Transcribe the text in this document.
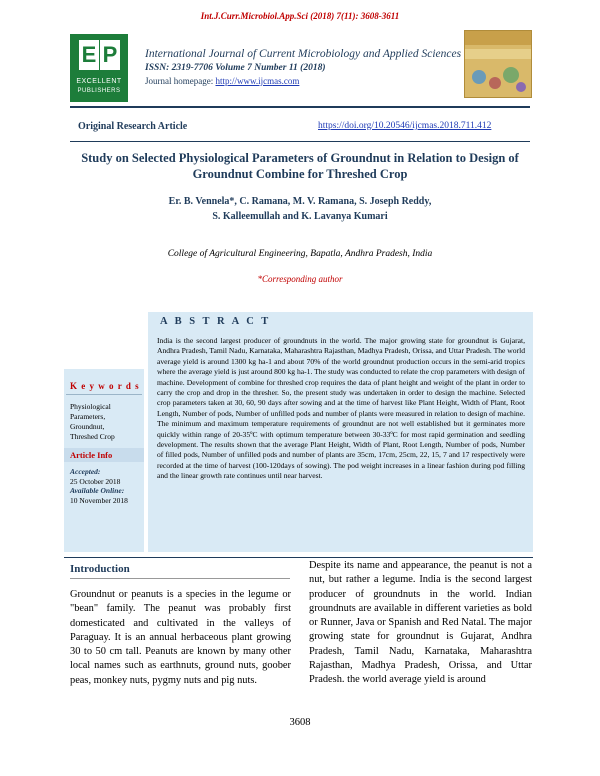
Int.J.Curr.Microbiol.App.Sci (2018) 7(11): 3608-3611
E P
EXCELLENT
PUBLISHERS
International Journal of Current Microbiology and Applied Sciences
ISSN: 2319-7706 Volume 7 Number 11 (2018)
Journal homepage: http://www.ijcmas.com
Original Research Article	https://doi.org/10.20546/ijcmas.2018.711.412
Study on Selected Physiological Parameters of Groundnut in Relation to Design of Groundnut Combine for Threshed Crop
Er. B. Vennela*, C. Ramana, M. V. Ramana, S. Joseph Reddy,
S. Kalleemullah and K. Lavanya Kumari
College of Agricultural Engineering, Bapatla, Andhra Pradesh, India
*Corresponding author
A B S T R A C T
India is the second largest producer of groundnuts in the world. The major growing state for groundnut is Gujarat, Andhra Pradesh, Tamil Nadu, Karnataka, Maharashtra Rajasthan, Madhya Pradesh, Orissa, and Uttar Pradesh. The world average yield is around 1300 kg ha-1 and about 70% of the world groundnut production occurs in the semi-arid tropics where the average yield is just around 800 kg ha-1. The study was conducted to relate the crop parameters with design of machine. Development of combine for threshed crop requires the data of plant height and weight of the plant in order to carry the crop and drop in the thresher. So, the present study was undertaken in order to design the machine. Selected crop parameters taken at 30, 60, 90 days after sowing and at the time of harvest like Plant Height, Width of Plant, Root Length, Number of pods, Number of unfilled pods and number of plants were measured in relation to design of machine. The minimum and maximum temperature requirements of groundnut are not well established but it germinates more quickly within range of 20-35ºC with optimum temperature between 30-33ºC for most rapid germination and seedling development. The results shown that the average Plant Height, Width of Plant, Root Length, Number of pods, Number of filled pods, Number of unfilled pods and number of plants are 35cm, 17cm, 25cm, 22, 15, 7 and 17 respectively were recorded at the time of harvest (100-120days of sowing). The pod weight increases in a linear fashion during pod filling and the linear growth rate continues until near harvest.
K e y w o r d s
Physiological
Parameters,
Groundnut,
Threshed Crop
Article Info
Accepted:
25 October 2018
Available Online:
10 November 2018
Introduction
Groundnut or peanuts is a species in the legume or "bean" family. The peanut was probably first domesticated and cultivated in the valleys of Paraguay. It is an annual herbaceous plant growing 30 to 50 cm tall. Peanuts are known by many other local names such as earthnuts, ground nuts, goober peas, monkey nuts, pygmy nuts and pig nuts.
Despite its name and appearance, the peanut is not a nut, but rather a legume. India is the second largest producer of groundnuts in the world. Indian groundnuts are available in different varieties as bold or Runner, Java or Spanish and Red Natal. The major growing state for groundnut is Gujarat, Andhra Pradesh, Tamil Nadu, Karnataka, Maharashtra Rajasthan, Madhya Pradesh, Orissa, and Uttar Pradesh. the world average yield is around
3608
